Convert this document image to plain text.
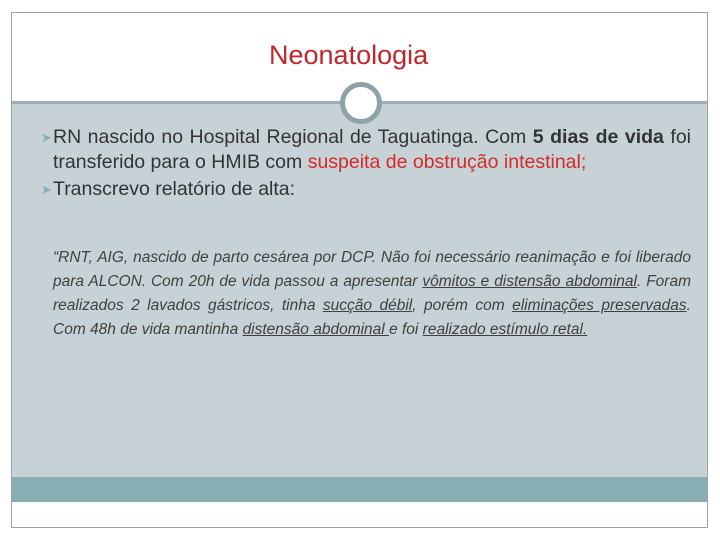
Neonatologia
➤ RN nascido no Hospital Regional de Taguatinga. Com 5 dias de vida foi transferido para o HMIB com suspeita de obstrução intestinal;
➤ Transcrevo relatório de alta:
“RNT, AIG, nascido de parto cesárea por DCP. Não foi necessário reanimação e foi liberado para ALCON. Com 20h de vida passou a apresentar vômitos e distensão abdominal. Foram realizados 2 lavados gástricos, tinha sucção débil, porém com eliminações preservadas. Com 48h de vida mantinha distensão abdominal e foi realizado estímulo retal.
